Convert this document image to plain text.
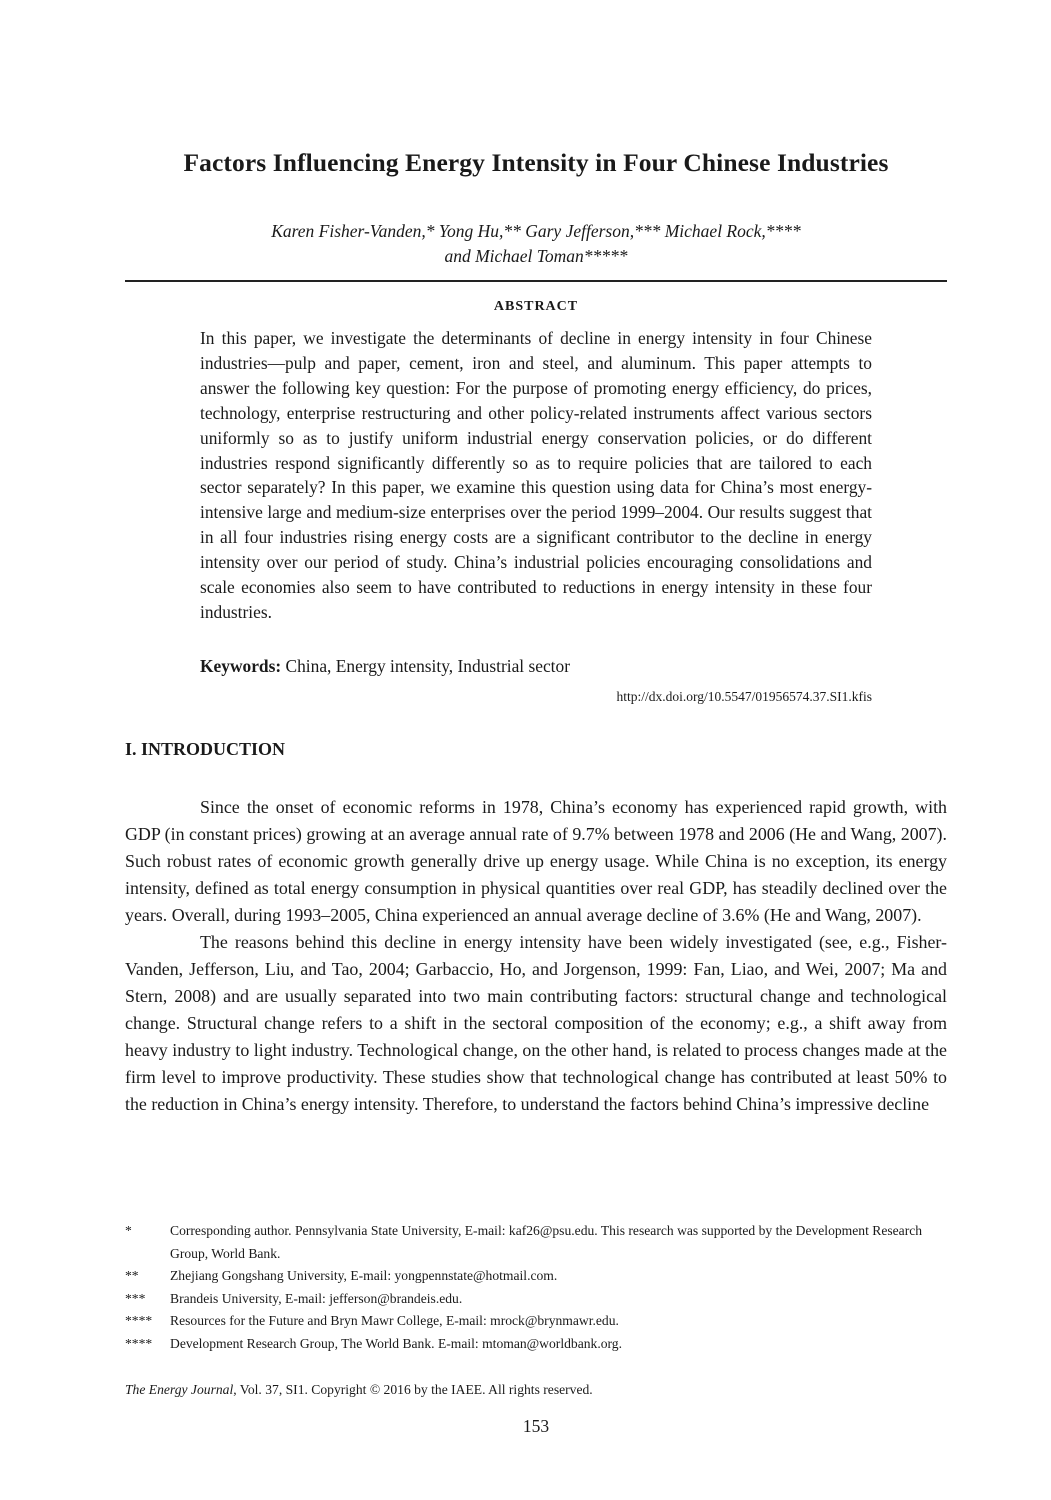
Factors Influencing Energy Intensity in Four Chinese Industries
Karen Fisher-Vanden,* Yong Hu,** Gary Jefferson,*** Michael Rock,****
and Michael Toman*****
ABSTRACT

In this paper, we investigate the determinants of decline in energy intensity in four Chinese industries—pulp and paper, cement, iron and steel, and aluminum. This paper attempts to answer the following key question: For the purpose of promoting energy efficiency, do prices, technology, enterprise restructuring and other policy-related instruments affect various sectors uniformly so as to justify uniform industrial energy conservation policies, or do different industries respond significantly differently so as to require policies that are tailored to each sector separately? In this paper, we examine this question using data for China’s most energy-intensive large and medium-size enterprises over the period 1999–2004. Our results suggest that in all four industries rising energy costs are a significant contributor to the decline in energy intensity over our period of study. China’s industrial policies encouraging consolidations and scale economies also seem to have contributed to reductions in energy intensity in these four industries.

Keywords: China, Energy intensity, Industrial sector
http://dx.doi.org/10.5547/01956574.37.SI1.kfis
I. INTRODUCTION

Since the onset of economic reforms in 1978, China’s economy has experienced rapid growth, with GDP (in constant prices) growing at an average annual rate of 9.7% between 1978 and 2006 (He and Wang, 2007). Such robust rates of economic growth generally drive up energy usage. While China is no exception, its energy intensity, defined as total energy consumption in physical quantities over real GDP, has steadily declined over the years. Overall, during 1993–2005, China experienced an annual average decline of 3.6% (He and Wang, 2007).

The reasons behind this decline in energy intensity have been widely investigated (see, e.g., Fisher-Vanden, Jefferson, Liu, and Tao, 2004; Garbaccio, Ho, and Jorgenson, 1999: Fan, Liao, and Wei, 2007; Ma and Stern, 2008) and are usually separated into two main contributing factors: structural change and technological change. Structural change refers to a shift in the sectoral composition of the economy; e.g., a shift away from heavy industry to light industry. Technological change, on the other hand, is related to process changes made at the firm level to improve productivity. These studies show that technological change has contributed at least 50% to the reduction in China’s energy intensity. Therefore, to understand the factors behind China’s impressive decline

*	Corresponding author. Pennsylvania State University, E-mail: kaf26@psu.edu. This research was supported by the Development Research Group, World Bank.
**	Zhejiang Gongshang University, E-mail: yongpennstate@hotmail.com.
***	Brandeis University, E-mail: jefferson@brandeis.edu.
****	Resources for the Future and Bryn Mawr College, E-mail: mrock@brynmawr.edu.
****	Development Research Group, The World Bank. E-mail: mtoman@worldbank.org.
The Energy Journal, Vol. 37, SI1. Copyright © 2016 by the IAEE. All rights reserved.
153
